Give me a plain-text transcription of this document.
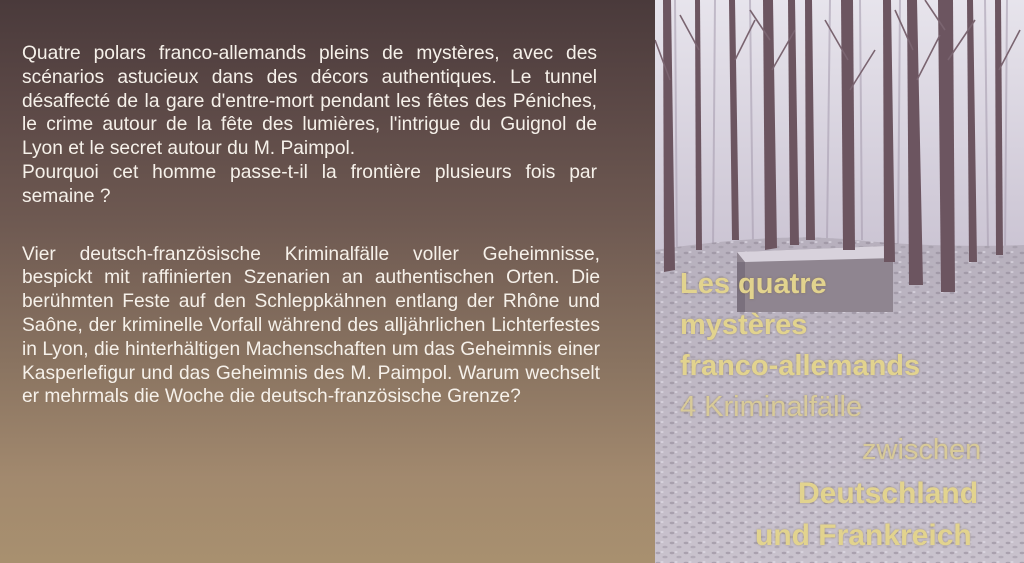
Quatre polars franco-allemands pleins de mystères, avec des scénarios astucieux dans des décors authentiques. Le tunnel désaffecté de la gare d'entre-mort pendant les fêtes des Péniches, le crime autour de la fête des lumières, l'intrigue du Guignol de Lyon et le secret autour du M. Paimpol.
Pourquoi cet homme passe-t-il la frontière plusieurs fois par semaine ?

Vier deutsch-französische Kriminalfälle voller Geheimnisse, bespickt mit raffinierten Szenarien an authentischen Orten. Die berühmten Feste auf den Schleppkähnen entlang der Rhône und Saône, der kriminelle Vorfall während des alljährlichen Lichterfestes in Lyon, die hinterhältigen Machenschaften um das Geheimnis einer Kasperlefigur und das Geheimnis des M. Paimpol. Warum wechselt er mehrmals die Woche die deutsch-französische Grenze?

Les quatre
mystères
franco-allemands
4 Kriminalfälle
zwischen
Deutschland
und Frankreich
